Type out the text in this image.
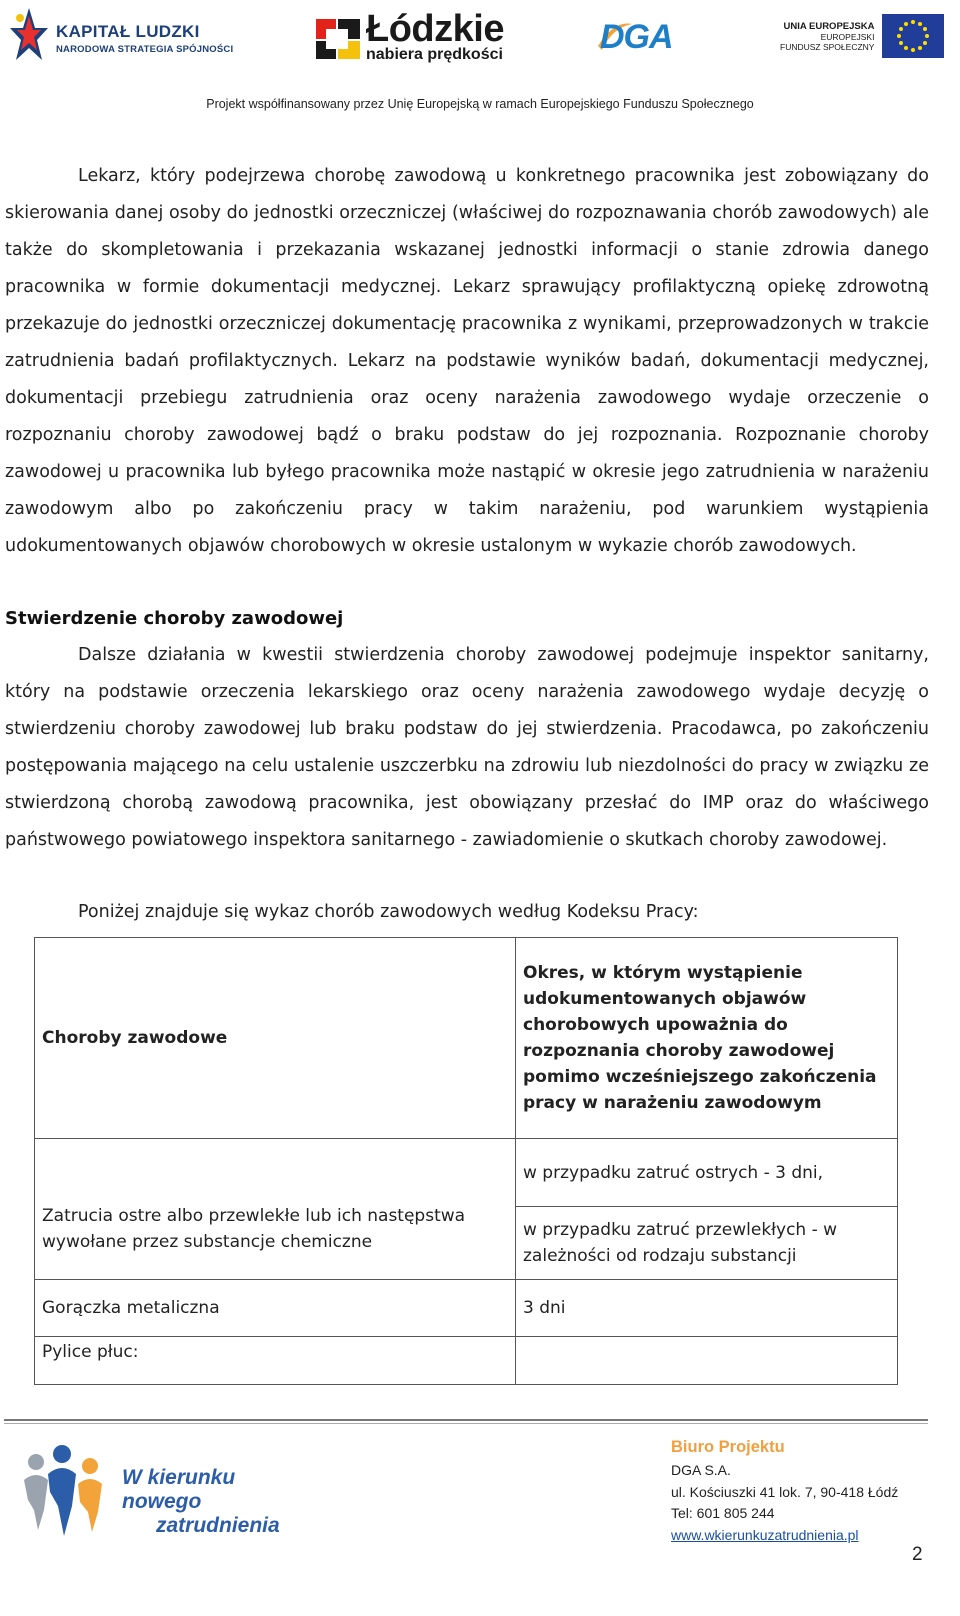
KAPITAŁ LUDZKI
NARODOWA STRATEGIA SPÓJNOŚCI	Łódzkie
nabiera prędkości	DGA	UNIA EUROPEJSKA
EUROPEJSKI
FUNDUSZ SPOŁECZNY
Projekt współfinansowany przez Unię Europejską w ramach Europejskiego Funduszu Społecznego

Lekarz, który podejrzewa chorobę zawodową u konkretnego pracownika jest zobowiązany do skierowania danej osoby do jednostki orzeczniczej (właściwej do rozpoznawania chorób zawodowych) ale także do skompletowania i przekazania wskazanej jednostki informacji o stanie zdrowia danego pracownika w formie dokumentacji medycznej. Lekarz sprawujący profilaktyczną opiekę zdrowotną przekazuje do jednostki orzeczniczej dokumentację pracownika z wynikami, przeprowadzonych w trakcie zatrudnienia badań profilaktycznych. Lekarz na podstawie wyników badań, dokumentacji medycznej, dokumentacji przebiegu zatrudnienia oraz oceny narażenia zawodowego wydaje orzeczenie o rozpoznaniu choroby zawodowej bądź o braku podstaw do jej rozpoznania. Rozpoznanie choroby zawodowej u pracownika lub byłego pracownika może nastąpić w okresie jego zatrudnienia w narażeniu zawodowym albo po zakończeniu pracy w takim narażeniu, pod warunkiem wystąpienia udokumentowanych objawów chorobowych w okresie ustalonym w wykazie chorób zawodowych.

Stwierdzenie choroby zawodowej

Dalsze działania w kwestii stwierdzenia choroby zawodowej podejmuje inspektor sanitarny, który na podstawie orzeczenia lekarskiego oraz oceny narażenia zawodowego wydaje decyzję o stwierdzeniu choroby zawodowej lub braku podstaw do jej stwierdzenia. Pracodawca, po zakończeniu postępowania mającego na celu ustalenie uszczerbku na zdrowiu lub niezdolności do pracy w związku ze stwierdzoną chorobą zawodową pracownika, jest obowiązany przesłać do IMP oraz do właściwego państwowego powiatowego inspektora sanitarnego - zawiadomienie o skutkach choroby zawodowej.

Poniżej znajduje się wykaz chorób zawodowych według Kodeksu Pracy:

Choroby zawodowe	Okres, w którym wystąpienie udokumentowanych objawów chorobowych upoważnia do rozpoznania choroby zawodowej pomimo wcześniejszego zakończenia pracy w narażeniu zawodowym

Zatrucia ostre albo przewlekłe lub ich następstwa wywołane przez substancje chemiczne	w przypadku zatruć ostrych - 3 dni,
	w przypadku zatruć przewlekłych - w zależności od rodzaju substancji
Gorączka metaliczna	3 dni

Pylice płuc:	

W kierunku nowego
zatrudnienia
Biuro Projektu
DGA S.A.
ul. Kościuszki 41 lok. 7, 90-418 Łódź
Tel: 601 805 244
www.wkierunkuzatrudnienia.pl
2
